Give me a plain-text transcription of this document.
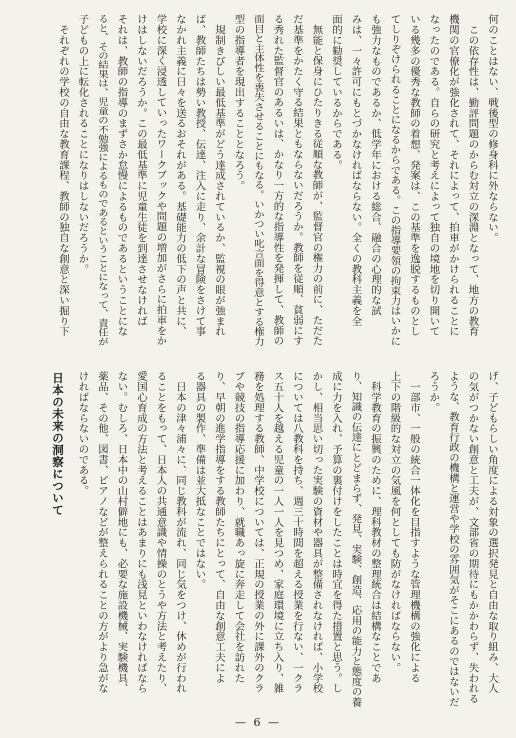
何のことはない、戦後型の修身科に外ならない。
　この依存性は、勤評問題のからむ対立の深淵となって、地方の教育
機関の官僚化が強化されて、それによって、拍車がかけられることに
なったのである。自らの研究と考えによって独自の境地を切り開いて
いる幾多の優秀な教師の着想、発案は、この基準を逸脱するものとし
てしりぞけられることになるからである。この指導要領の拘束力はいかに
も強力なものであるか、低学年における総合、融合の心理的な試
みは、一々許可にもとづかなければならない。全くの教科主義を全
面的に勧奨しているからである。
　無能と保身にひたりきる従順な教師が、監督官の権力の前に、ただた
だ基準をかたく守る結果ともならないだろうか。教師を従順、貧弱にす
る秀れた監督官のあるいは、かなり一方的な指導性を発揮して、教師の
面目と主体性を喪失させることにもなる。いかつい叱言面を得意とする権力
型の指導者を現出することとなろう。
　規制きびしい最低基準がどう達成されているか、監視の眼が強まれ
ば、教師たちは勢い教授、伝達、注入に走り、余計な冒険をさけて事
なかれ主義に日々を送るおそれがある。基礎能力の低下の声と共に、
学校に深く浸透していったワークブックや問題の増加がさらに拍車をか
けはしないだろうか。この最低基準に児童生徒を到達させなければ
それは、教師の指導のまずさか怠慢によるものであるということにな
ると、その結果は、児童の不勉強によるものであるということになって、責任が
子どもの上に転化されることになりはしないだろうか。
　それぞれの学校の自由な教育課程、教師の独自な創意と深い掘り下
げ、子どもらしい角度による対象の選択発見と自由な取り組み、大人
の気がつかない創意と工夫が、文部省の期待にもかかわらず、失われる
ような、教育行政の機構と運営や学校の雰囲気がそこにあるのではないだ
ろうか。
　一部市、一般の統合一体化を目指すような管理機構の強化による
上下の階級的な対立の気風を何としても防がなければならない。
　科学教育の振興のために、理科教材の整理統合は結構なことであ
り、知識の伝達にとどまらず、発見、実験、創造、応用の能力と態度の養
成に力を入れ、予算の裏付けをしたことは時宜を得た措置と思う。し
かし、相当思い切った実験の資材や器具が整備されなければ、小学校
については八教科を持ち、週三十時間を超える授業を行ない、一クラ
ス五十人を越える児童の一人一人を見つめ、家庭環境に立ち入り、雑
務を処理する教師、中学校については、正規の授業の外に課外のクラ
ブや競技の指導応援に加わり、就職あっ旋に奔走して会社を訪れた
り、早朝の進学指導をする教師たちにとって、自由な創意工夫によ
る器具の製作、準備は並大抵なことではない。
　日本の津々浦々に、同じ教科が流れ、同じ気をつけ、休めが行われ
ることをもって、日本人の共通意識や情操のとうや方法と考えたり、
愛国心育成の方法と考えることはあまりにも浅見といわなければなら
ない。むしろ、日本中の山村僻地にも、必要な施設機械、実験機具、
薬品、その他、図書、ピアノなどが整えられることの方がより急がな
ければならないのである。
日本の未来の洞察について
— 6 —
